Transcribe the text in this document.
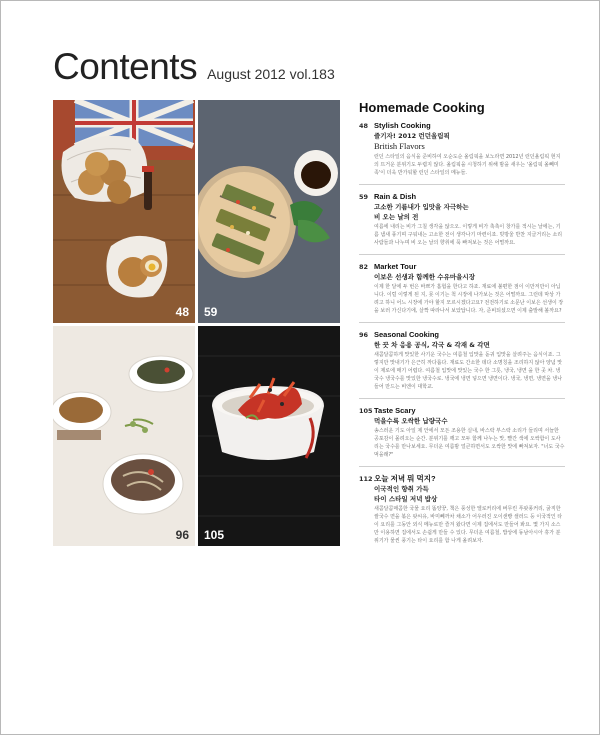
Contents August 2012 vol.183
48 59
96 105
Homemade Cooking
48 Stylish Cooking
즐기자! 2012 런던올림픽
British Flavors
런던 스타일의 음식을 준비하여 오순도순 올림픽을 보노라면 2012년 런던올림픽 현지의 뜨거운 분위기도 두렵지 않다. 올림픽을 시청하기 위해 밤을 새우는 '올림픽 올빼미족'이 더욱 반가워할 런던 스타일의 메뉴들.
59 Rain & Dish
고소한 기름내가 입맛을 자극하는
비 오는 날의 전
여름에 내리는 비가 그칠 생각을 않으오. 이렇게 비가 촉촉이 창가를 적시는 날에는, 기름 냄새 풍기며 구워내는 고소한 전이 생각나기 마련이죠. 빗방울 반찬 지글거리는 소리 사람들과 나누며 비 오는 날의 향취에 푹 빠져보는 것은 어떨까요.
82 Market Tour
이보은 선생과 함께한 수유마을시장
이제 한 달에 두 번은 바쁘가 흡헙을 한다고 하죠. 재료에 불편한 점이 이만저만이 아닙니다. 이럴 이렇게 된 지, 못 이기는 척 시장에 나가보는 것은 어떨까요. 그런데 막상 가려고 하니 어느 시장에 가야 할지 모르시겠다고요? 전전하기로 소문난 이보은 선생이 장을 보러 가신다기에, 살짝 따라나서 보았답니다. 자, 준비되셨으면 이제 출발해 볼까요?
96 Seasonal Cooking
한 끗 차 응용 공식, 각국 & 각재 & 각면
새콤달콤하게 맛있한 사기운 국수는 여름철 입맛을 돋궈 입맛을 살려주는 음식이죠. 그렇지만 맛내기가 은근히 까다롭다. 재료도 간소한 데다 소명칭을 조리하지 않아 양념 맛이 제로에 매기 어렵다. 여름철 입맛에 맛있는 국수 한 그릇, 냉국, 냉면 을 한 곳 차. 냉국수 냉국수를 맛있한 냉국수로. 냉국에 냉면 넣으면 냉면이다. 냉국, 냉면, 냉면을 냉나들어 만드는 비엔이 대학교.
105 Taste Scary
먹을수록 오싹한 납량국수
송스러운 기도 아일 제 안에서 모든 조용한 실내, 바스락 부스락 소리가 들리며 서늘한 공포감이 몰려오는 순간. 분위기를 깨고 모두 함께 나누는 맛, 빨간 색에 오싹함이 도사리는 국수를 만나보세요. 무더운 여름밤 얼큰하면서도 오싹한 맛에 빠져보자. "너도 국수 먹을래?"
112 오늘 저녁 뭐 먹지?
이국적인 향취 가득
타이 스타일 저녁 밥상
새콤달콤매콤한 국물 요리 똠양꿍, 책은 풍성한 엘로커리에 버무린 푸팟퐁커리, 굵직한 쌀국수 면을 볶은 팟씨유, 바미뻬까차 채소가 어우러진 오이샌빵 샐러드 등 이국적인 타이 요리를 그동안 외식 메뉴로만 즐겨 왔다면 이제 집에서도 만들어 봐요. 몇 가지 소스만 이용하면 집에서도 손쉽게 만들 수 있다. 무더운 여름철, 밥상에 동남아시아 휴가 분위기가 물씬 풍기는 타이 요리를 함 나게 올려보자.
